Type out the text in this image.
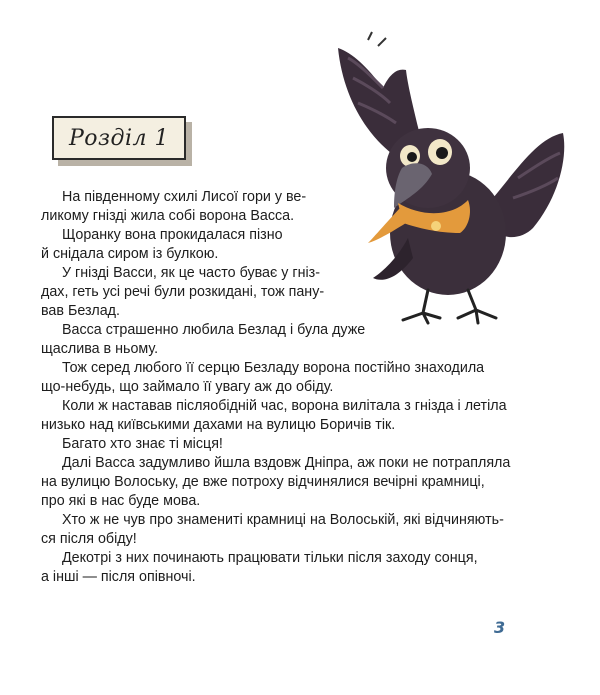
Розділ 1

На південному схилі Лисої гори у ве-
ликому гнізді жила собі ворона Васса.

Щоранку вона прокидалася пізно
й снідала сиром із булкою.

У гнізді Васси, як це часто буває у гніз-
дах, геть усі речі були розкидані, тож пану-
вав Безлад.

Васса страшенно любила Безлад і була дуже
щаслива в ньому.

Тож серед любого її серцю Безладу ворона постійно знаходила
що-небудь, що займало її увагу аж до обіду.

Коли ж наставав післяобідній час, ворона вилітала з гнізда і летіла
низько над київськими дахами на вулицю Боричів тік.

Багато хто знає ті місця!

Далі Васса задумливо йшла вздовж Дніпра, аж поки не потрапляла
на вулицю Волоську, де вже потроху відчинялися вечірні крамниці,
про які в нас буде мова.

Хто ж не чув про знамениті крамниці на Волоській, які відчиняють-
ся після обіду!

Декотрі з них починають працювати тільки після заходу сонця,
а інші — після опівночі.

3
